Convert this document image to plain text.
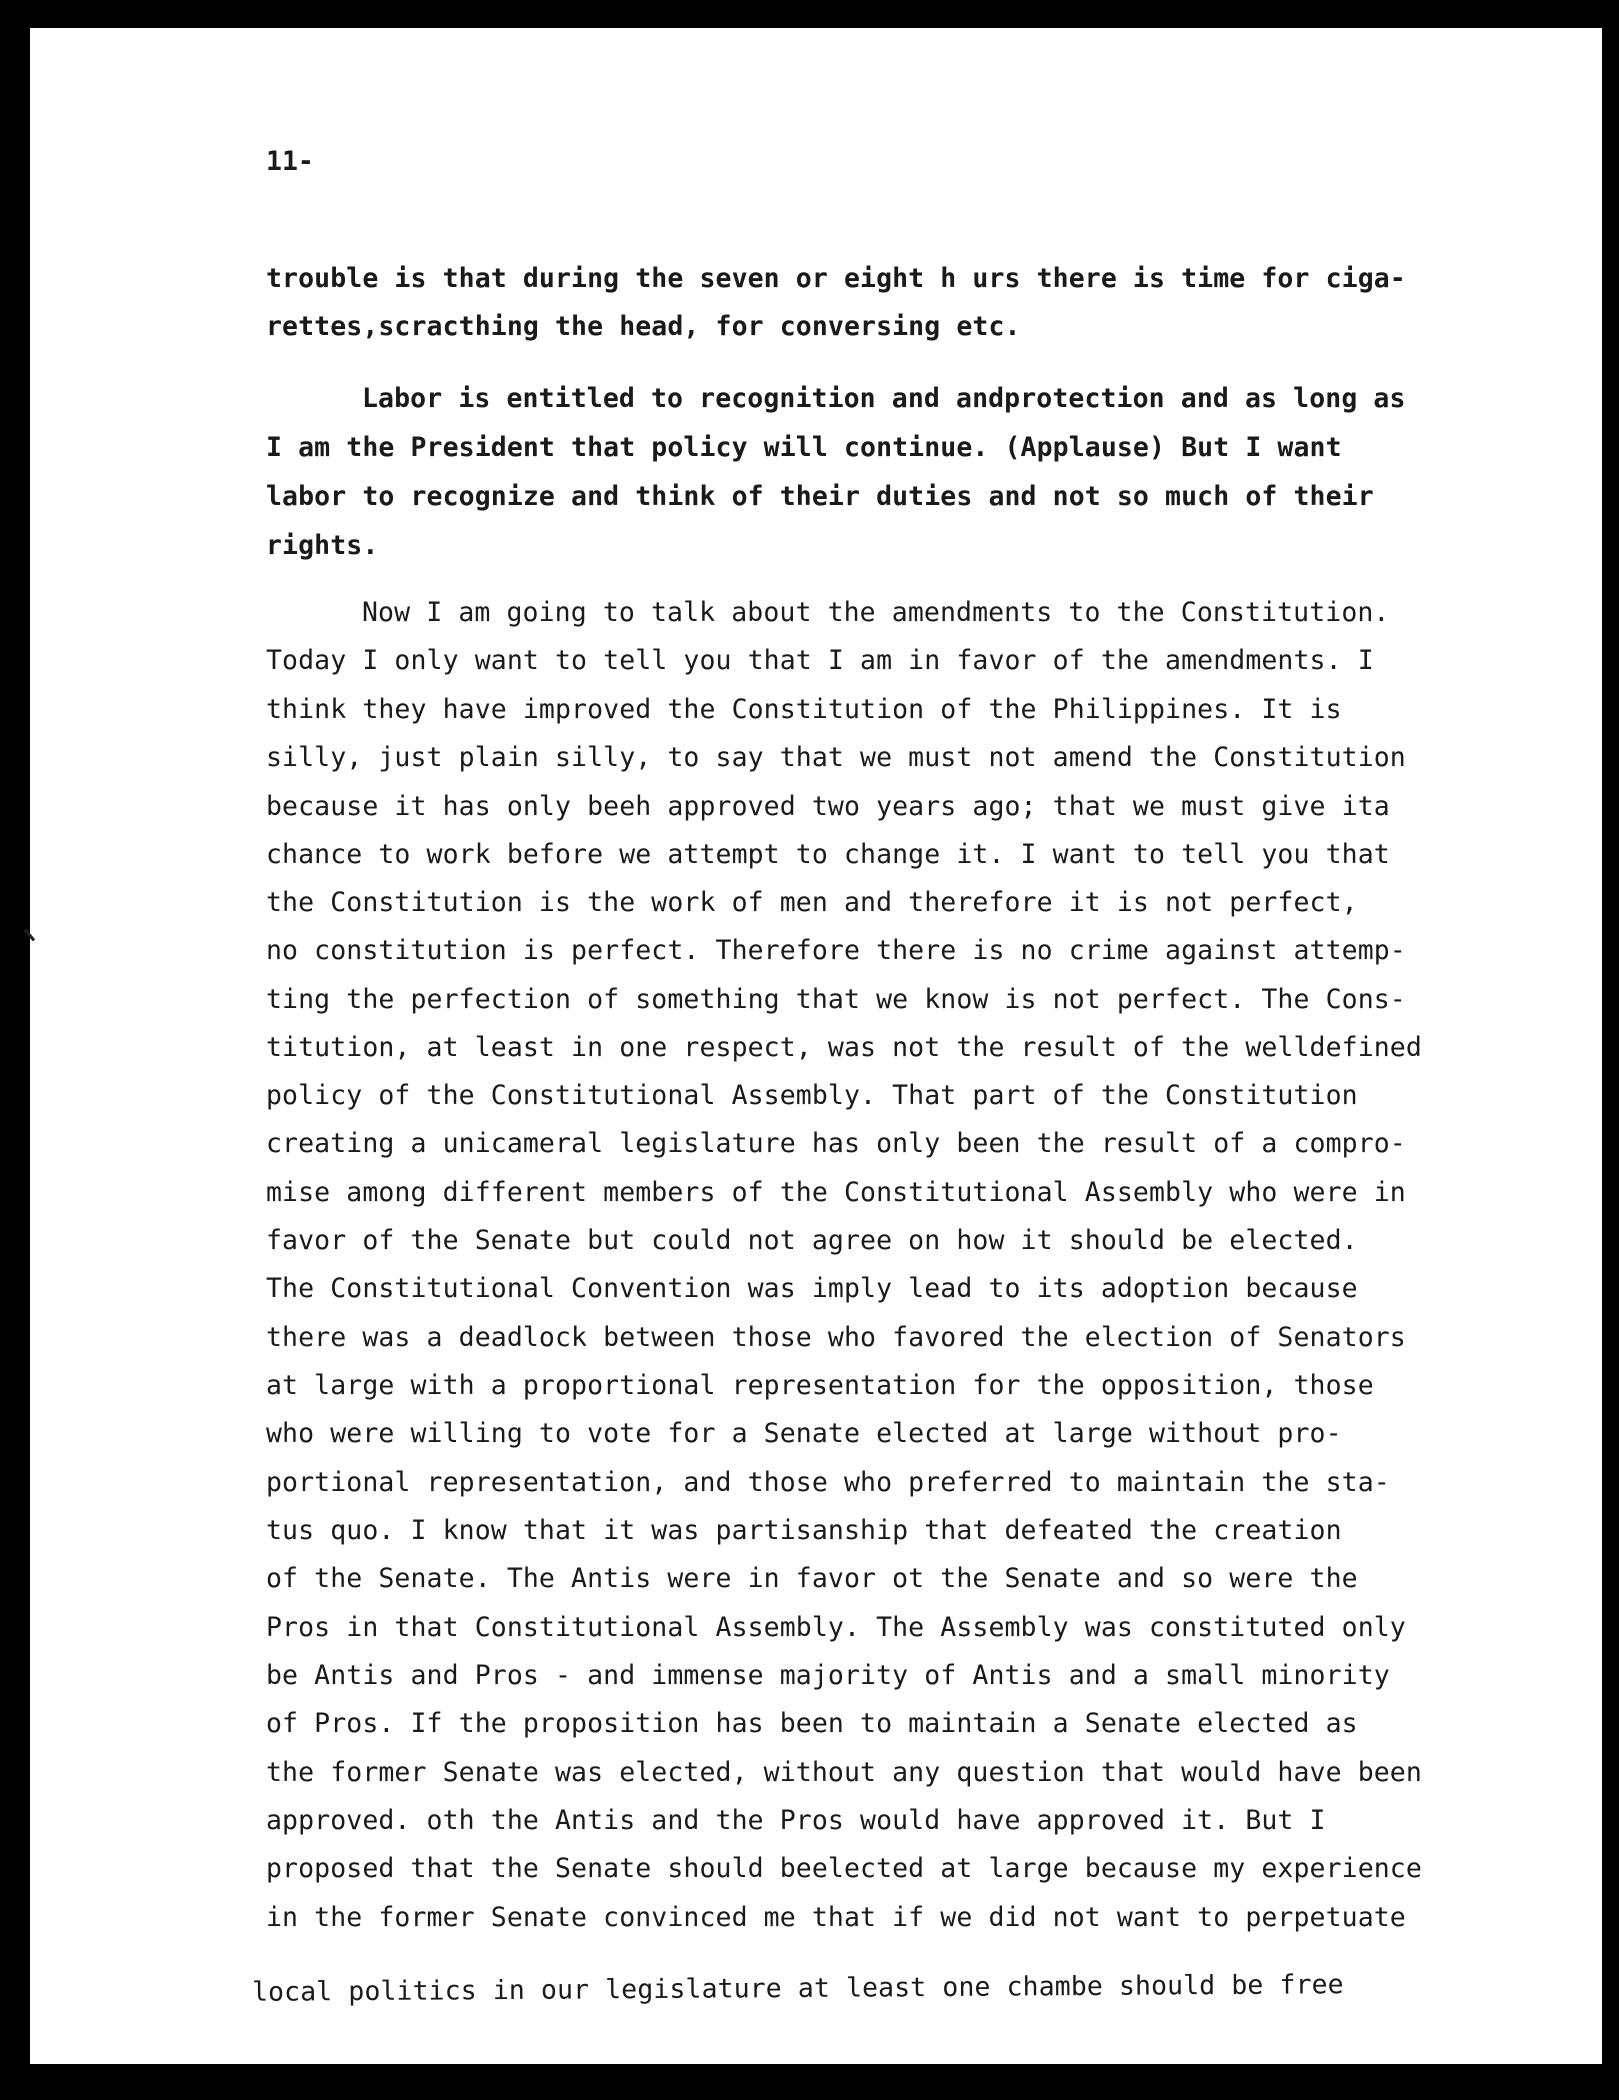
11-

trouble is that during the seven or eight h urs there is time for ciga-

rettes,scracthing the head, for conversing etc.

Labor is entitled to recognition and andprotection and as long as

I am the President that policy will continue. (Applause) But I want

labor to recognize and think of their duties and not so much of their

rights.

Now I am going to talk about the amendments to the Constitution.

Today I only want to tell you that I am in favor of the amendments. I

think they have improved the Constitution of the Philippines. It is

silly, just plain silly, to say that we must not amend the Constitution

because it has only beeh approved two years ago; that we must give ita

chance to work before we attempt to change it. I want to tell you that

the Constitution is the work of men and therefore it is not perfect,

no constitution is perfect. Therefore there is no crime against attemp-

ting the perfection of something that we know is not perfect. The Cons-

titution, at least in one respect, was not the result of the welldefined

policy of the Constitutional Assembly. That part of the Constitution

creating a unicameral legislature has only been the result of a compro-

mise among different members of the Constitutional Assembly who were in

favor of the Senate but could not agree on how it should be elected.

The Constitutional Convention was imply lead to its adoption because

there was a deadlock between those who favored the election of Senators

at large with a proportional representation for the opposition, those

who were willing to vote for a Senate elected at large without pro-

portional representation, and those who preferred to maintain the sta-

tus quo. I know that it was partisanship that defeated the creation

of the Senate. The Antis were in favor ot the Senate and so were the

Pros in that Constitutional Assembly. The Assembly was constituted only

be Antis and Pros - and immense majority of Antis and a small minority

of Pros. If the proposition has been to maintain a Senate elected as

the former Senate was elected, without any question that would have been

approved. oth the Antis and the Pros would have approved it. But I

proposed that the Senate should beelected at large because my experience

in the former Senate convinced me that if we did not want to perpetuate

local politics in our legislature at least one chambe should be free
